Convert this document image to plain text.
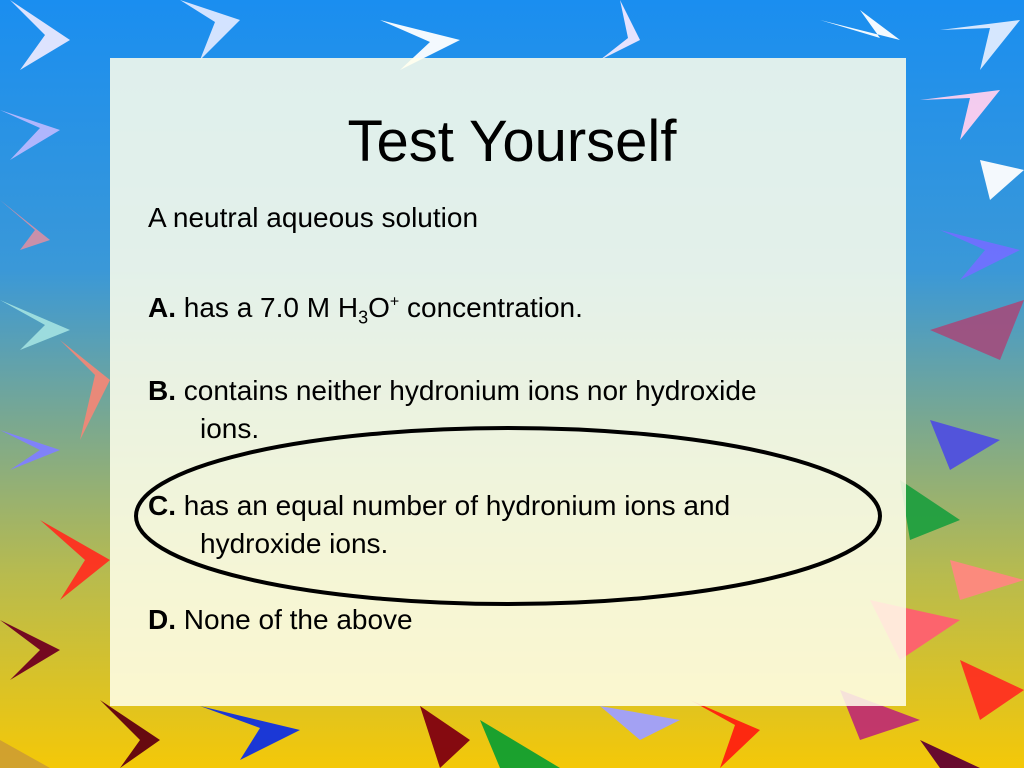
Test Yourself
A neutral aqueous solution
A. has a 7.0 M $H_3O^+$ concentration.
B. contains neither hydronium ions nor hydroxide
ions.
C. has an equal number of hydronium ions and
hydroxide ions.
D. None of the above
